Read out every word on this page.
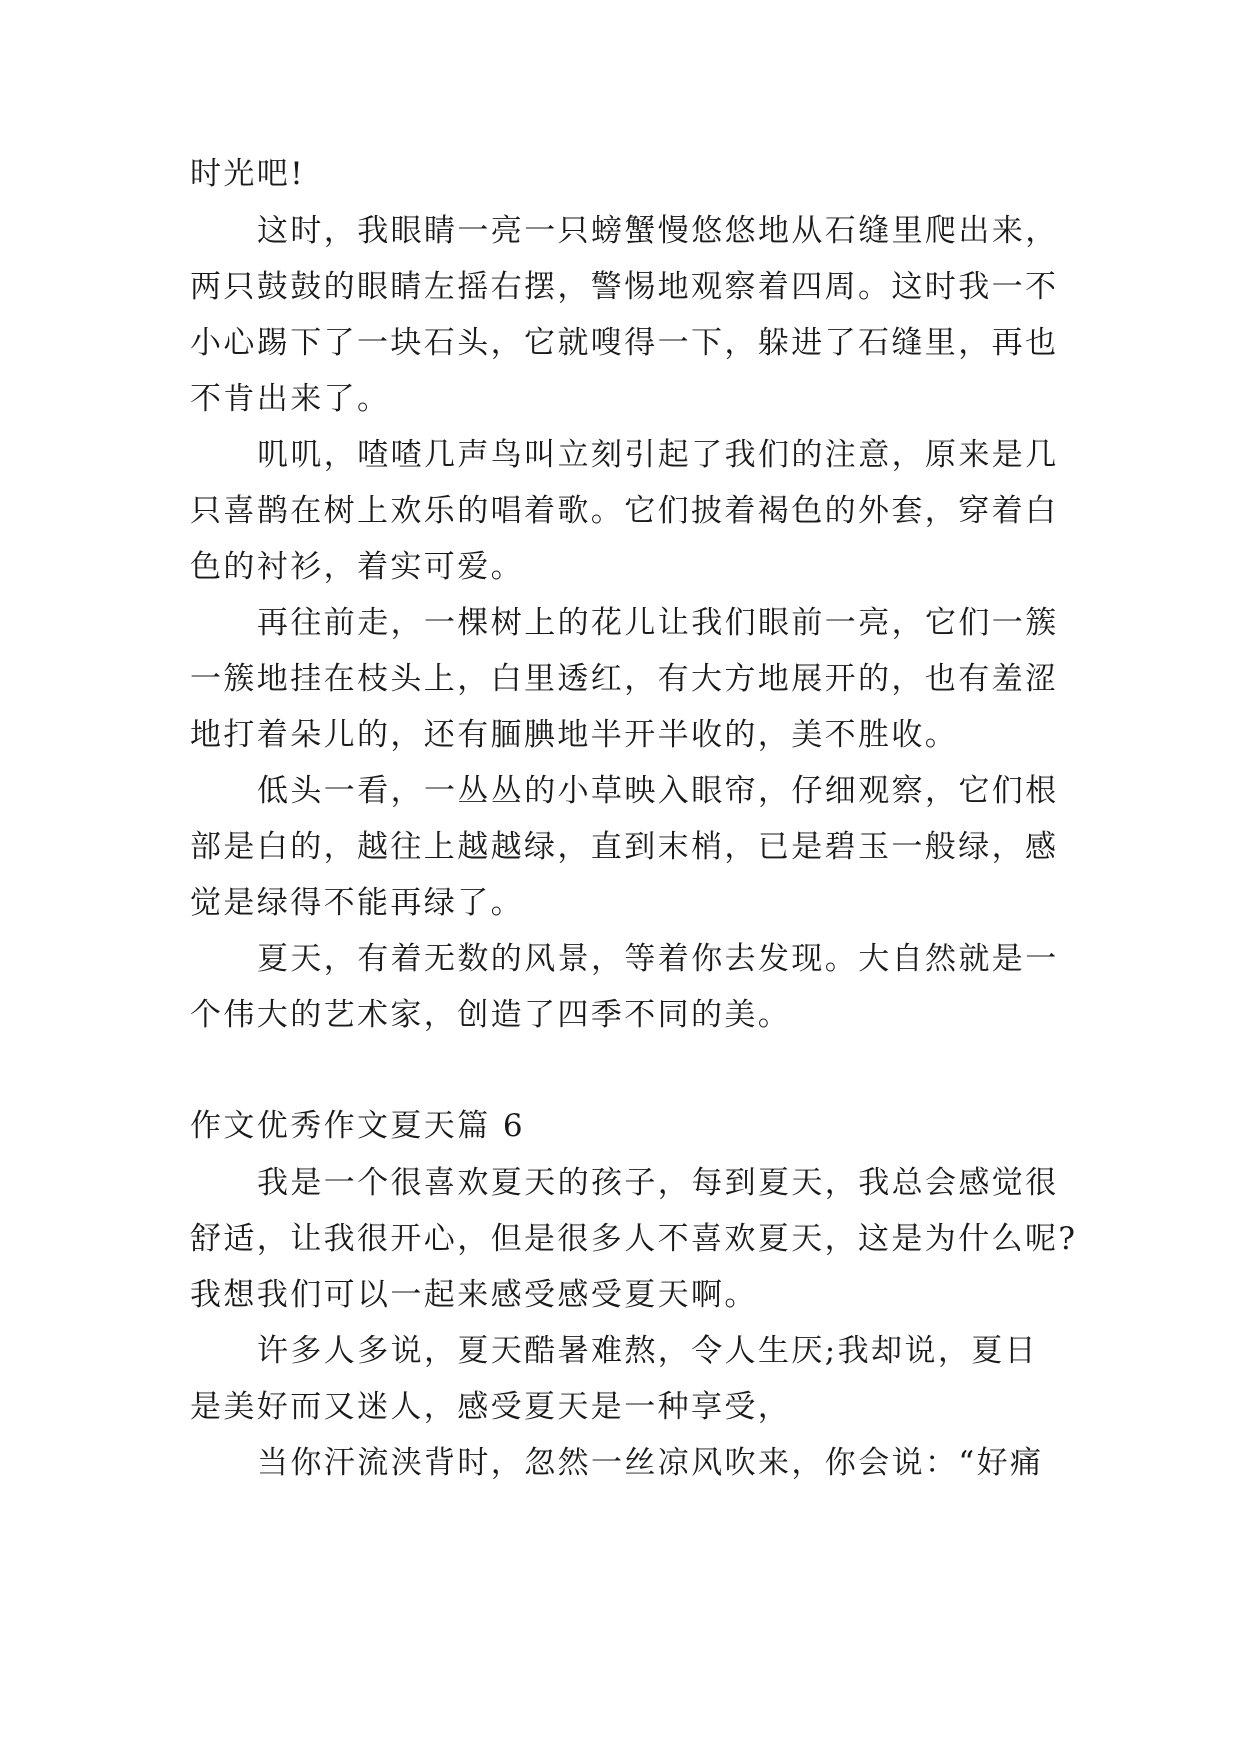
时光吧!
这时，我眼睛一亮一只螃蟹慢悠悠地从石缝里爬出来，
两只鼓鼓的眼睛左摇右摆，警惕地观察着四周。这时我一不
小心踢下了一块石头，它就嗖得一下，躲进了石缝里，再也
不肯出来了。
叽叽，喳喳几声鸟叫立刻引起了我们的注意，原来是几
只喜鹊在树上欢乐的唱着歌。它们披着褐色的外套，穿着白
色的衬衫，着实可爱。
再往前走，一棵树上的花儿让我们眼前一亮，它们一簇
一簇地挂在枝头上，白里透红，有大方地展开的，也有羞涩
地打着朵儿的，还有腼腆地半开半收的，美不胜收。
低头一看，一丛丛的小草映入眼帘，仔细观察，它们根
部是白的，越往上越越绿，直到末梢，已是碧玉一般绿，感
觉是绿得不能再绿了。
夏天，有着无数的风景，等着你去发现。大自然就是一
个伟大的艺术家，创造了四季不同的美。
作文优秀作文夏天篇 6
我是一个很喜欢夏天的孩子，每到夏天，我总会感觉很
舒适，让我很开心，但是很多人不喜欢夏天，这是为什么呢?
我想我们可以一起来感受感受夏天啊。
许多人多说，夏天酷暑难熬，令人生厌;我却说，夏日
是美好而又迷人，感受夏天是一种享受，
当你汗流浃背时，忽然一丝凉风吹来，你会说：“好痛
